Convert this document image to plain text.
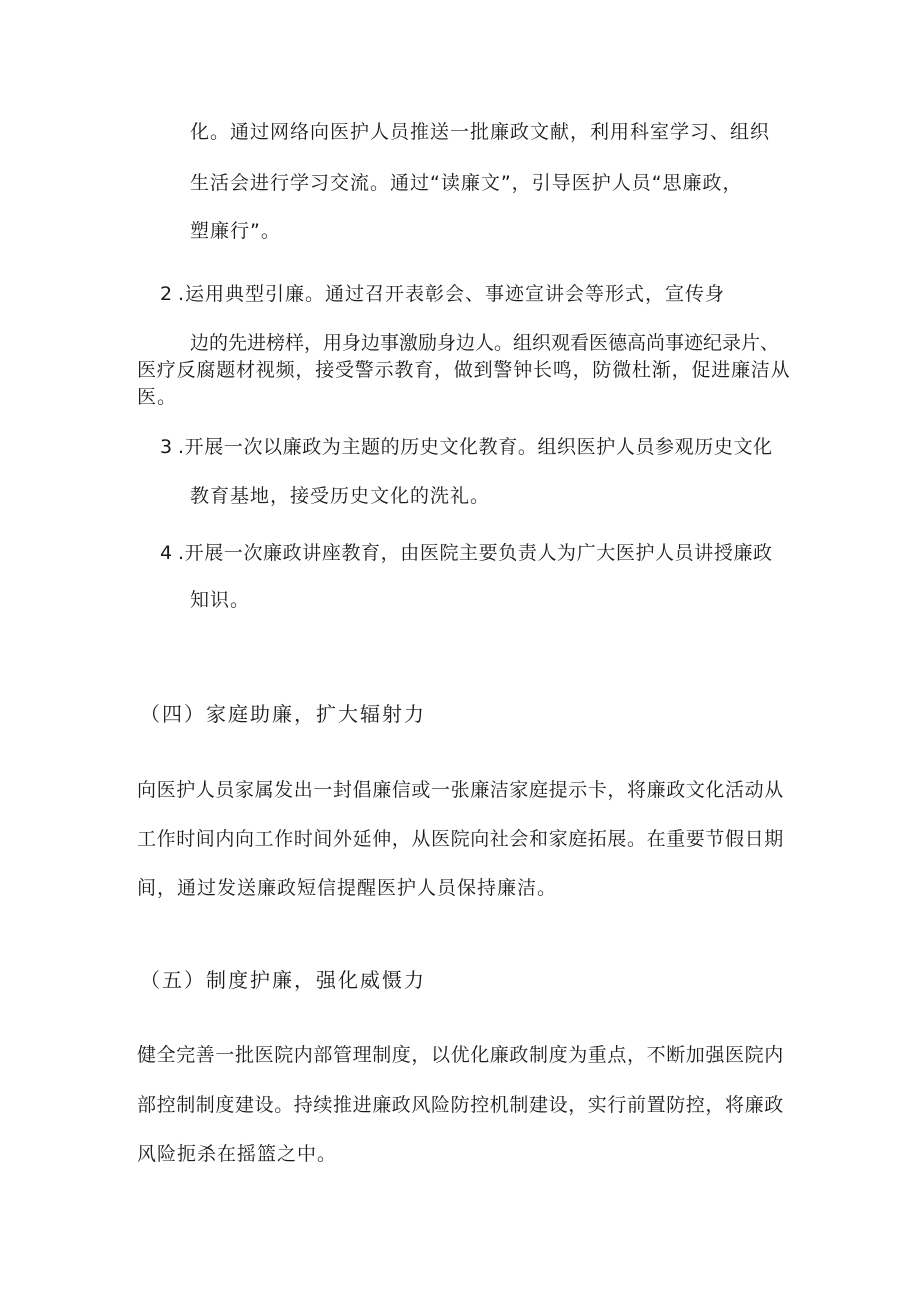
化。通过网络向医护人员推送一批廉政文献，利用科室学习、组织
生活会进行学习交流。通过“读廉文”，引导医护人员“思廉政，
塑廉行”。
2 .运用典型引廉。通过召开表彰会、事迹宣讲会等形式，宣传身
边的先进榜样，用身边事激励身边人。组织观看医德高尚事迹纪录片、
医疗反腐题材视频，接受警示教育，做到警钟长鸣，防微杜渐，促进廉洁从
医。
3 .开展一次以廉政为主题的历史文化教育。组织医护人员参观历史文化
教育基地，接受历史文化的洗礼。
4 .开展一次廉政讲座教育，由医院主要负责人为广大医护人员讲授廉政
知识。
（四）家庭助廉，扩大辐射力
向医护人员家属发出一封倡廉信或一张廉洁家庭提示卡，将廉政文化活动从
工作时间内向工作时间外延伸，从医院向社会和家庭拓展。在重要节假日期
间，通过发送廉政短信提醒医护人员保持廉洁。
（五）制度护廉，强化威慑力
健全完善一批医院内部管理制度，以优化廉政制度为重点，不断加强医院内
部控制制度建设。持续推进廉政风险防控机制建设，实行前置防控，将廉政
风险扼杀在摇篮之中。
